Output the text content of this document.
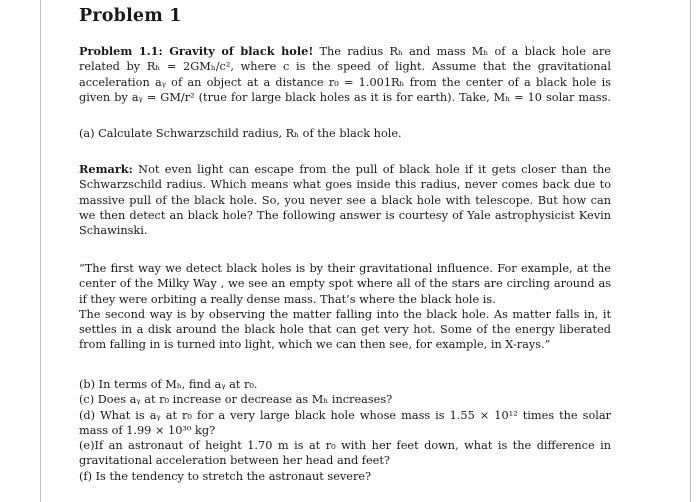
Problem 1
Problem 1.1: Gravity of black hole! The radius Rₕ and mass Mₕ of a black hole are
related by Rₕ = 2GMₕ/c², where c is the speed of light. Assume that the gravitational
acceleration aᵧ of an object at a distance r₀ = 1.001Rₕ from the center of a black hole is
given by aᵧ = GM/r² (true for large black holes as it is for earth). Take, Mₕ = 10 solar mass.
(a) Calculate Schwarzschild radius, Rₕ of the black hole.
Remark: Not even light can escape from the pull of black hole if it gets closer than the
Schwarzschild radius. Which means what goes inside this radius, never comes back due to
massive pull of the black hole. So, you never see a black hole with telescope. But how can
we then detect an black hole? The following answer is courtesy of Yale astrophysicist Kevin
Schawinski.
“The first way we detect black holes is by their gravitational influence. For example, at the
center of the Milky Way , we see an empty spot where all of the stars are circling around as
if they were orbiting a really dense mass. That’s where the black hole is.
The second way is by observing the matter falling into the black hole. As matter falls in, it
settles in a disk around the black hole that can get very hot. Some of the energy liberated
from falling in is turned into light, which we can then see, for example, in X-rays.”
(b) In terms of Mₕ, find aᵧ at r₀.
(c) Does aᵧ at r₀ increase or decrease as Mₕ increases?
(d) What is aᵧ at r₀ for a very large black hole whose mass is 1.55 × 10¹² times the solar
mass of 1.99 × 10³⁰ kg?
(e)If an astronaut of height 1.70 m is at r₀ with her feet down, what is the difference in
gravitational acceleration between her head and feet?
(f) Is the tendency to stretch the astronaut severe?
